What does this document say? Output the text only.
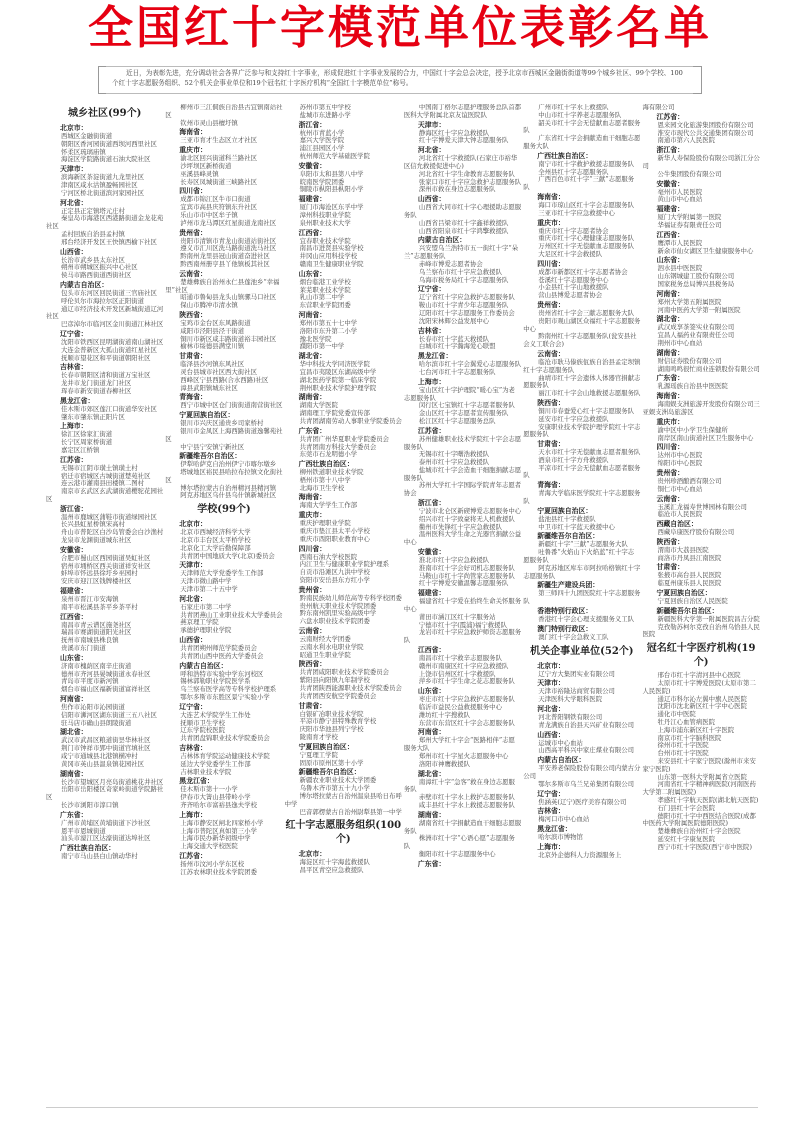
全国红十字模范单位表彰名单
近日，为表彰先进，充分调动社会各界广泛参与和支持红十字事业，形成促进红十字事业发展的合力，中国红十字会总会决定，授予北京市西城区金融街街道等99个城乡社区、99个学校、100个红十字志愿服务组织、52个机关企事业单位和19个冠名红十字医疗机构“全国红十字模范单位”称号。
城乡社区(99个)
北京市：
西城区金融街街道
朝阳区香河园街道西坝河西里社区
怀柔区琉璃庙镇
海淀区学院路街道石油大院社区
天津市：
滨海新区茶淀街道九龙里社区
津南区咸水沽镇盈畅园社区
宁河区桥北街道滨河家园社区
河北省：
正定县正定镇塔元庄村
秦皇岛市海港区西港路街道金龙花苑社区
孟村回族自治县孟村镇
邢台经济开发区王快镇西榆下社区
山西省：
长治市武乡县太东社区
朔州市朔城区振兴中心社区
侯马市路西街道西街社区
内蒙古自治区：
包头市东河区回民街道三官庙社区
呼伦贝尔市海拉尔区正阳街道
通辽市经济技术开发区新城街道辽河社区
巴彦淖尔市临河区金川街道江林社区
辽宁省：
沈阳市铁西区昆明湖街道南山湖社区
大连金普新区大孤山街道红星社区
抚顺市望花区和平街道朝阳社区
吉林省：
长春市朝阳区清和街道万宝社区
龙井市龙门街道龙门社区
珲春市新安街道春柳社区
黑龙江省：
佳木斯市郊区莲江口街道华安社区
肇东市肇东镇正阳片区
上海市：
徐汇区徐家汇街道
长宁区周家桥街道
嘉定区江桥镇
江苏省：
无锡市江阴市璜土镇璜土村
宿迁市宿城区古城街道楚苑社区
连云港市灌南县田楼镇二图村
南京市玄武区玄武湖街道樱驼花园社区
浙江省：
温州市鹿城区蒲鞋市街道绿园社区
长兴县虹星桥镇宋高村
舟山市普陀区白沙岛管委会白沙渔村
龙泉市龙渊街道城东社区
安徽省：
合肥市蜀山区西园街道吴虹社区
宿州市埇桥区西关街道祥安社区
蚌埠市怀远县徐圩乡巫园村
安庆市迎江区钱牌楼社区
福建省：
泉州市晋江市安海镇
南平市松溪县茶平乡茶平村
江西省：
南昌市青云谱区施尧社区
瑞昌市赛湖街道阳光社区
抚州市南城县株良镇
贵溪市东门街道
山东省：
济南市槐荫区南辛庄街道
德州市齐河县晏城街道永春社区
青岛市平度市新河镇
烟台市福山区福新街道富祥社区
河南省：
焦作市沁阳市沁园街道
信阳市浉河区湖东街道三五八社区
驻马店市确山县朗陵街道
湖北省：
武汉市武昌区粮道街昙华林社区
荆门市钟祥市郢中街道官填社区
咸宁市通城县北港镇横冲村
黄冈市英山县温泉镇花园社区
湖南省：
长沙市望城区月亮岛街道桃花井社区
岳阳市岳阳楼区奇家岭街道学院路社区
长沙市浏阳市淳口镇
广东省：
广州市黄埔区黄埔街道下沙社区
恩平市恩城街道
汕头市濠江区达濠街道达埠社区
广西壮族自治区：
南宁市马山县白山镇动华村
柳州市三江侗族自治县古宜镇南站社区
钦州市灵山县檀圩镇
海南省：
三亚市育才生态区立才社区
重庆市：
渝北区回兴街道科兰路社区
沙坪坝区新桥街道
巫溪县峰灵镇
长寿区凤城街道三峡路社区
四川省：
成都市锦江区牛市口街道
宜宾市高县庆符镇东升社区
乐山市市中区牟子镇
泸州市龙马潭区红星街道龙南社区
贵州省：
贵阳市清镇市青龙山街道站街社区
遵义市汇川区洗马路街道洗马社区
黔南州龙里县冠山街道奋进社区
黔西南州册亨县丫他镇板其社区
云南省：
楚雄彝族自治州永仁县莲池乡“幸福里”社区
昭通市鲁甸县龙头山镇骡马口社区
保山市腾冲市清水镇
陕西省：
宝鸡市金台区东风路街道
咸阳市泾阳县泾干街道
铜川市新区咸丰路街道裕丰园社区
榆林市绥德县满堂川镇
甘肃省：
临泽县沙河镇东风社区
灵台县城市社区西大街社区
西峰区宁县西路(合水西路)社区
漳县武阳镇城东社区
青海省：
西宁市城中区仓门街街道南营街社区
宁夏回族自治区：
银川市兴庆区通贵乡司家桥村
银川市金凤区上海西路街道逸馨苑社区
中宁县宁安镇宁新社区
新疆维吾尔自治区：
伊犁哈萨克自治州伊宁市喀尔墩乡
塔城地区裕民县哈拉布拉镇文化街社区
博尔塔拉蒙古自治州精河县精河镇
阿克苏地区乌什县乌什镇新城社区
学校(99个)
北京市：
北京市西城经济科学大学
北京市丰台区太平桥学校
北京化工大学后勤保障部
共青团中国地质大学(北京)委员会
天津市：
天津师范大学党委学生工作部
天津市微山路中学
天津市第二十五中学
河北省：
石家庄市第二中学
共青团燕山工业职业技术大学委员会
燕京理工学院
承德护理职业学院
山西省：
共青团朔州师范学院委员会
共青团山西中医药大学委员会
内蒙古自治区：
呼和浩特市实验中学东河校区
锡林郭勒职业学院医学系
乌兰察布医学高等专科学校护理系
鄂尔多斯市东胜区景宁实验小学
辽宁省：
大连艺术学院学生工作处
抚顺市卫生学校
辽东学院校医院
共青团盘锦职业技术学院委员会
吉林省：
吉林体育学院运动健康技术学院
延边大学党委学生工作部
吉林职业技术学院
黑龙江省：
佳木斯市第十一小学
伊春市大箐山县带岭小学
齐齐哈尔市富裕县逸夫学校
上海市：
上海市静安区闸北四家桥小学
上海市普陀区真如第三小学
上海市民办新华初级中学
上海交通大学校医院
江苏省：
扬州市汶河小学东区校
江苏农林职业技术学院团委
苏州市第五中学校
盐城市东进路小学
浙江省：
杭州市青蓝小学
嘉兴大学医学院
浦江县园区小学
杭州师范大学基础医学院
安徽省：
阜阳市太和县第八中学
皖南医学院团委
铜陵市枞阳县枞阳小学
福建省：
厦门市海沧区东孚中学
漳州科技职业学院
泉州职业技术大学
江西省：
宜春职业技术学院
南昌市进贤县实验学校
井冈山应用科技学校
赣南卫生健康职业学院
山东省：
烟台临港工业学校
莱芜职业技术学院
乳山市第二中学
东营职业学院团委
河南省：
郑州市第五十七中学
洛阳市东升第二小学
豫北医学院
濮阳市第一中学
湖北省：
华中科技大学同济医学院
宜昌市夷陵区东湖高级中学
湖北医药学院第一临床学院
荆州职业技术学院护理学院
湖南省：
湖南大学医院
湖南理工学院党委宣传部
共青团湖南劳动人事职业学院委员会
广东省：
共青团广州华夏职业学院委员会
共青团南方科技大学委员会
东莞市石龙明德小学
广西壮族自治区：
柳州铁道职业技术学院
梧州市第十八中学
北海市卫生学校
海南省：
海南大学学生工作部
重庆市：
重庆护理职业学院
重庆市垫江县太平小学校
重庆市酉阳职业教育中心
四川省：
西南石油大学校医院
内江卫生与健康职业学院护理系
自贡市沿滩区九洪中学校
资阳市安岳县东方红小学
贵州省：
黔南民族幼儿师范高等专科学校团委
贵州航天职业技术学院团委
黔东南州凯里实验高级中学
六盘水职业技术学院团委
云南省：
云南财经大学团委
云南水利水电职业学院
昭通卫生职业学院
陕西省：
共青团咸阳职业技术学院委员会
紫阳县向阳镇九年制学校
共青团陕西能源职业技术学院委员会
共青团西安航空学院委员会
甘肃省：
白银矿冶职业技术学院
平凉市静宁县特殊教育学校
庆阳市华池县列宁学校
陇南育才学校
宁夏回族自治区：
宁夏理工学院
固原市原州区第十小学
新疆维吾尔自治区：
新疆农业职业技术大学团委
乌鲁木齐市第五十九小学
博尔塔拉蒙古自治州温泉县哈日布呼中学
巴音郭楞蒙古自治州尉犁县第一中学
红十字志愿服务组织(100个)
北京市：
海淀区红十字海蓝救援队
昌平区青空应急救援队
中国南丁格尔志愿护理服务总队首都医科大学附属北京友谊医院队
天津市：
静海区红十字应急救援队
红十字博爱天津大钟志愿服务队
河北省：
河北省红十字救援队(石家庄市裕华区信允救援促进中心)
河北省红十字生命教育志愿服务队
张家口市红十字应急救护志愿服务队
深州市救在身边志愿服务队
山西省：
山西省大同市红十字心理援助志愿服务队
山西省吕梁市红十字鑫祥救援队
山西省阳泉市红十字鸿擎救援队
内蒙古自治区：
兴安盟乌兰浩特市五一街红十字“朵兰”志愿服务队
赤峰市博爱志愿者协会
乌兰察布市红十字应急救援队
乌海市税务局红十字志愿服务队
辽宁省：
辽宁省红十字应急救护志愿服务队
鞍山市红十字青少年志愿服务队
辽阳市红十字志愿服务工作委员会
沈阳宋林辉公益发展中心
吉林省：
长春市红十字蓝天救援队
白城市红十字瀚海爱心联盟
黑龙江省：
哈尔滨市红十字会翼爱心志愿服务队
七台河市红十字志愿服务队
上海市：
宝山区红十字护理院“暖心宝”为老志愿服务队
闵行区七宝镇红十字志愿者服务队
金山区红十字志愿者宣传服务队
松江区红十字志愿服务总队
江苏省：
苏州健雄职业技术学院红十字会志愿服务队
无锡市红十字曙浩救援队
泰州市红十字应急救援队
盐城市红十字会造血干细胞捐献志愿服务队
苏州大学红十字国际学院青年志愿者协会
浙江省：
宁波市北仑区新碶博爱志愿服务中心
绍兴市红十字致豪将无人机救援队
衢州市先锋红十字应急救援队
温州医科大学生命之光器官捐献公益中心
安徽省：
淮北市红十字应急救援队
淮南市红十字会好司机志愿服务队
马鞍山市红十字尚管家志愿服务队
红十字博爱安徽温馨志愿服务队
福建省：
福建省红十字爱在拾终生命关怀服务中心
莆田市涵江区红十字服务站
宁德市红十字(霞浦)福宁救援队
龙岩市红十字应急救护师资志愿服务队
江西省：
南昌市红十字救辛志愿服务队
赣州市南康区红十字应急救援队
上饶市信州区红十字救援队
萍乡市红十字生命之花志愿服务队
山东省：
枣庄市红十字应急救护志愿服务队
临沂市益民公益救援服务中心
潍坊红十字搜救队
东营市东营区红十字会志愿服务队
河南省：
郑州大学红十字会“医路相伴”志愿服务大队
郑州市红十字星火志愿服务中心
洛阳市神鹰救援队
湖北省：
南漳红十字“急客”救在身边志愿服务队
赤壁市红十字水上救护志愿服务队
咸丰县红十字水上救援志愿服务队
湖南省：
湖南省红十字捐献造血干细胞志愿服务队
株洲市红十字“心语心愿”志愿服务队
衡阳市红十字志愿服务中心
广东省：
广州市红十字水上救援队
中山市红十字养老志愿服务队
韶关市红十字会无偿献血志愿者服务队
广东省红十字会捐献造血干细胞志愿服务大队
广西壮族自治区：
南宁市红十字救护救援志愿服务队
全州县红十字志愿服务队
广西百色市红十字“三献”志愿服务队
海南省：
海口市琼山区红十字会志愿服务队
三亚市红十字应急救援中心
重庆市：
重庆市红十字志愿者协会
重庆市红十字心理健康志愿服务队
万州区红十字无偿献血志愿服务队
大足区红十字会救援队
四川省：
成都市新都区红十字志愿者协会
苍溪红十字志愿服务中心
小金县红十字山地救援队
营山县博爱志愿者协会
贵州省：
贵州省红十字会三献志愿服务大队
贵阳市观山湖区众福红十字志愿服务中心
黔南州红十字志愿服务队(瓮安县社会义工联合会)
云南省：
临沧市耿马傣族佤族自治县孟定坝镇红十字志愿服务队
曲靖市红十字会遗体人体器官捐献志愿服务队
丽江市红十字会山地救援志愿服务队
陕西省：
铜川市春蚕爱心红十字志愿服务队
延安市红十字应急救援队
安康职业技术学院护理学院红十字志愿服务队
甘肃省：
天水市红十字无偿献血志愿者服务队
酒泉市红十字方舟救援队
平凉市红十字会无偿献血志愿者服务队
青海省：
青海大学临床医学院红十字志愿服务队
宁夏回族自治区：
盐池县红十字救援队
中卫市红十字蓝天救援中心
新疆维吾尔自治区：
新疆红十字“三献”志愿服务大队
吐鲁番“火焰山下火焰蓝”红十字志愿服务队
阿克苏地区库车市阿拉哈格镇红十字志愿服务队
新疆生产建设兵团：
第三师四十九团医院红十字志愿服务队
香港特别行政区：
香港红十字会心理支援服务义工队
澳门特别行政区：
澳门红十字会急救义工队
机关企事业单位(52个)
北京市：
辽宁方大集团实业有限公司
天津市：
天津市裕隆达商贸有限公司
天津医科大学眼科医院
河北省：
河北普阳钢铁有限公司
青龙满族自治县天兴矿业有限公司
山西省：
运城市中心血站
山西高平科兴中家庄煤业有限公司
内蒙古自治区：
平安养老保险股份有限公司内蒙古分公司
鄂尔多斯市乌兰兄弟集团有限公司
辽宁省：
焦涵英(辽宁)医疗美容有限公司
吉林省：
梅河口市中心血站
黑龙江省：
哈尔滨市博物馆
上海市：
北京外企德科人力资源服务上
海有限公司
江苏省：
恩来园文化旅游集团股份有限公司
淮安市现代公共交通集团有限公司
南通市第六人民医院
浙江省：
新华人寿保险股份有限公司浙江分公司
公牛集团股份有限公司
安徽省：
亳州市人民医院
黄山市中心血站
福建省：
厦门大学附属第一医院
华福证券有限责任公司
江西省：
鹰潭市人民医院
新余市仙女湖区卫生健康服务中心
山东省：
泗水县中医医院
山东钢城建工股份有限公司
国家税务总局博兴县税务局
河南省：
郑州大学第五附属医院
河南中医药大学第一附属医院
湖北省：
武汉成享茶签实业有限公司
宜昌人福药业有限责任公司
荆州市中心血站
湖南省：
财信证券股份有限公司
湖南鸣鸣很忙商业连锁股份有限公司
广东省：
乳源瑶族自治县中医医院
海南省：
海南蜈支洲旅游开发股份有限公司三亚蜈支洲岛旅游区
重庆市：
渝中区中小学卫生保健所
南岸区南山街道社区卫生服务中心
四川省：
达州市中心医院
绵阳市中心医院
贵州省：
贵州珍酒酿酒有限公司
铜仁市中心血站
云南省：
玉溪汇龙福寿世博园林有限公司
临沧市人民医院
西藏自治区：
西藏阜康医疗股份有限公司
陕西省：
渭南市大荔县医院
商洛市丹凤县江南医院
甘肃省：
张掖市高台县人民医院
临夏州康乐县人民医院
宁夏回族自治区：
宁夏回族自治区人民医院
新疆维吾尔自治区：
新疆医科大学第一附属医院昌吉分院
克孜勒苏柯尔克孜自治州乌恰县人民医院
冠名红十字医疗机构(19个)
邢台市红十字清河县中心医院
太原市红十字博爱医院(太原市第二人民医院)
通辽市科尔沁左翼中旗人民医院
沈阳市沈北新区红十字中心医院
通化市中医院
牡丹江心血管病医院
上海市浦东新区红十字医院
南京市红十字脑科医院
徐州市红十字医院
台州市红十字医院
来安县红十字家宁医院(滁州市来安家宁医院)
山东第一医科大学附属省立医院
河南省红十字精神病医院(河南医药大学第二附属医院)
孝感红十字航天医院(湖北航天医院)
石门县红十字会医院
德阳市红十字中西医结合医院(成都中医药大学附属医院德阳医院)
楚雄彝族自治州红十字会医院
延安红十字康复医院
西宁市红十字医院(西宁市中医院)
